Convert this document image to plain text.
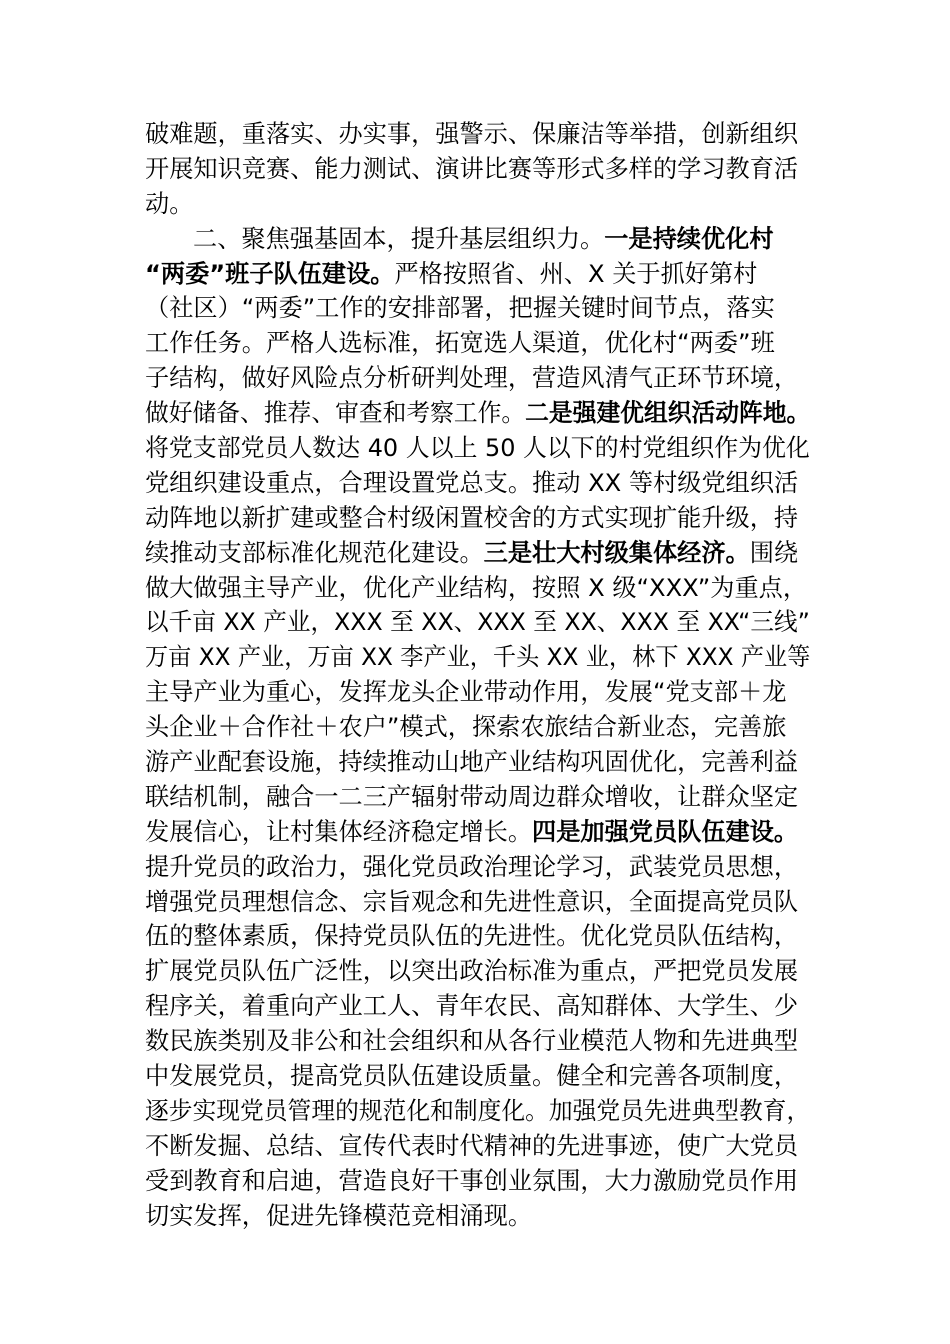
破难题，重落实、办实事，强警示、保廉洁等举措，创新组织
开展知识竞赛、能力测试、演讲比赛等形式多样的学习教育活
动。
二、聚焦强基固本，提升基层组织力。一是持续优化村
“两委”班子队伍建设。严格按照省、州、X 关于抓好第村
（社区）“两委”工作的安排部署，把握关键时间节点，落实
工作任务。严格人选标准，拓宽选人渠道，优化村“两委”班
子结构，做好风险点分析研判处理，营造风清气正环节环境，
做好储备、推荐、审查和考察工作。二是强建优组织活动阵地。
将党支部党员人数达 40 人以上 50 人以下的村党组织作为优化
党组织建设重点，合理设置党总支。推动 XX 等村级党组织活
动阵地以新扩建或整合村级闲置校舍的方式实现扩能升级，持
续推动支部标准化规范化建设。三是壮大村级集体经济。围绕
做大做强主导产业，优化产业结构，按照 X 级“XXX”为重点，
以千亩 XX 产业，XXX 至 XX、XXX 至 XX、XXX 至 XX“三线”
万亩 XX 产业，万亩 XX 李产业，千头 XX 业，林下 XXX 产业等
主导产业为重心，发挥龙头企业带动作用，发展“党支部＋龙
头企业＋合作社＋农户”模式，探索农旅结合新业态，完善旅
游产业配套设施，持续推动山地产业结构巩固优化，完善利益
联结机制，融合一二三产辐射带动周边群众增收，让群众坚定
发展信心，让村集体经济稳定增长。四是加强党员队伍建设。
提升党员的政治力，强化党员政治理论学习，武装党员思想，
增强党员理想信念、宗旨观念和先进性意识，全面提高党员队
伍的整体素质，保持党员队伍的先进性。优化党员队伍结构，
扩展党员队伍广泛性，以突出政治标准为重点，严把党员发展
程序关，着重向产业工人、青年农民、高知群体、大学生、少
数民族类别及非公和社会组织和从各行业模范人物和先进典型
中发展党员，提高党员队伍建设质量。健全和完善各项制度，
逐步实现党员管理的规范化和制度化。加强党员先进典型教育，
不断发掘、总结、宣传代表时代精神的先进事迹，使广大党员
受到教育和启迪，营造良好干事创业氛围，大力激励党员作用
切实发挥，促进先锋模范竞相涌现。
